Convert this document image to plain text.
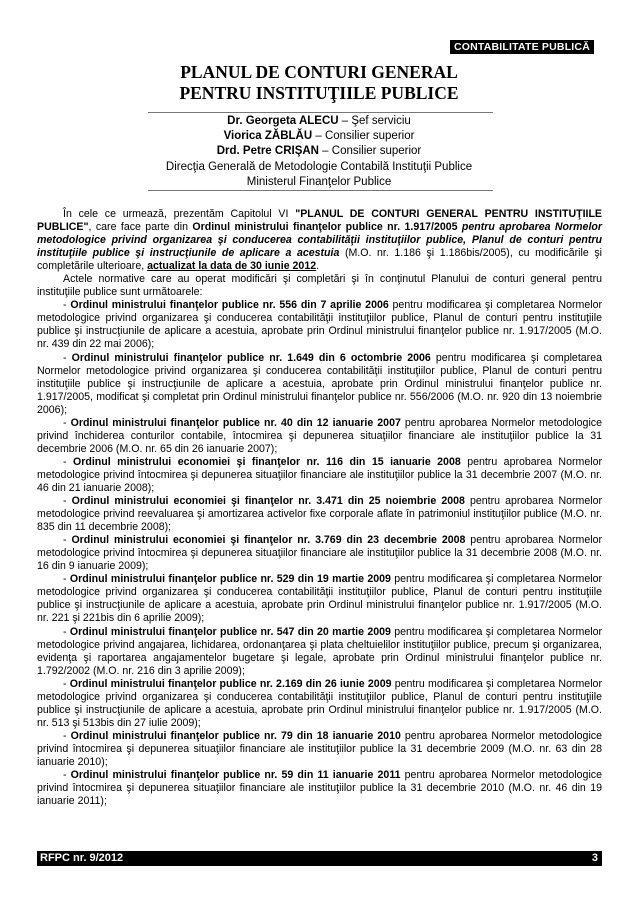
CONTABILITATE PUBLICĂ
PLANUL DE CONTURI GENERAL
PENTRU INSTITUŢIILE PUBLICE
Dr. Georgeta ALECU – Şef serviciu
Viorica ZĂBLĂU – Consilier superior
Drd. Petre CRIŞAN – Consilier superior
Direcţia Generală de Metodologie Contabilă Instituţii Publice
Ministerul Finanţelor Publice

În cele ce urmează, prezentăm Capitolul VI "PLANUL DE CONTURI GENERAL PENTRU INSTITUŢIILE PUBLICE", care face parte din Ordinul ministrului finanţelor publice nr. 1.917/2005 pentru aprobarea Normelor metodologice privind organizarea şi conducerea contabilităţii instituţiilor publice, Planul de conturi pentru instituţiile publice şi instrucţiunile de aplicare a acestuia (M.O. nr. 1.186 şi 1.186bis/2005), cu modificările şi completările ulterioare, actualizat la data de 30 iunie 2012.

Actele normative care au operat modificări şi completări şi în conţinutul Planului de conturi general pentru instituţiile publice sunt următoarele:

- Ordinul ministrului finanţelor publice nr. 556 din 7 aprilie 2006 pentru modificarea şi completarea Normelor metodologice privind organizarea şi conducerea contabilităţii instituţiilor publice, Planul de conturi pentru instituţiile publice şi instrucţiunile de aplicare a acestuia, aprobate prin Ordinul ministrului finanţelor publice nr. 1.917/2005 (M.O. nr. 439 din 22 mai 2006);

- Ordinul ministrului finanţelor publice nr. 1.649 din 6 octombrie 2006 pentru modificarea şi completarea Normelor metodologice privind organizarea şi conducerea contabilităţii instituţiilor publice, Planul de conturi pentru instituţiile publice şi instrucţiunile de aplicare a acestuia, aprobate prin Ordinul ministrului finanţelor publice nr. 1.917/2005, modificat şi completat prin Ordinul ministrului finanţelor publice nr. 556/2006 (M.O. nr. 920 din 13 noiembrie 2006);

- Ordinul ministrului finanţelor publice nr. 40 din 12 ianuarie 2007 pentru aprobarea Normelor metodologice privind închiderea conturilor contabile, întocmirea şi depunerea situaţiilor financiare ale instituţiilor publice la 31 decembrie 2006 (M.O. nr. 65 din 26 ianuarie 2007);

- Ordinul ministrului economiei şi finanţelor nr. 116 din 15 ianuarie 2008 pentru aprobarea Normelor metodologice privind întocmirea şi depunerea situaţiilor financiare ale instituţiilor publice la 31 decembrie 2007 (M.O. nr. 46 din 21 ianuarie 2008);

- Ordinul ministrului economiei şi finanţelor nr. 3.471 din 25 noiembrie 2008 pentru aprobarea Normelor metodologice privind reevaluarea şi amortizarea activelor fixe corporale aflate în patrimoniul instituţiilor publice (M.O. nr. 835 din 11 decembrie 2008);

- Ordinul ministrului economiei şi finanţelor nr. 3.769 din 23 decembrie 2008 pentru aprobarea Normelor metodologice privind întocmirea şi depunerea situaţiilor financiare ale instituţiilor publice la 31 decembrie 2008 (M.O. nr. 16 din 9 ianuarie 2009);

- Ordinul ministrului finanţelor publice nr. 529 din 19 martie 2009 pentru modificarea şi completarea Normelor metodologice privind organizarea şi conducerea contabilităţii instituţiilor publice, Planul de conturi pentru instituţiile publice şi instrucţiunile de aplicare a acestuia, aprobate prin Ordinul ministrului finanţelor publice nr. 1.917/2005 (M.O. nr. 221 şi 221bis din 6 aprilie 2009);

- Ordinul ministrului finanţelor publice nr. 547 din 20 martie 2009 pentru modificarea şi completarea Normelor metodologice privind angajarea, lichidarea, ordonanţarea şi plata cheltuielilor instituţiilor publice, precum şi organizarea, evidenţa şi raportarea angajamentelor bugetare şi legale, aprobate prin Ordinul ministrului finanţelor publice nr. 1.792/2002 (M.O. nr. 216 din 3 aprilie 2009);

- Ordinul ministrului finanţelor publice nr. 2.169 din 26 iunie 2009 pentru modificarea şi completarea Normelor metodologice privind organizarea şi conducerea contabilităţii instituţiilor publice, Planul de conturi pentru instituţiile publice şi instrucţiunile de aplicare a acestuia, aprobate prin Ordinul ministrului finanţelor publice nr. 1.917/2005 (M.O. nr. 513 şi 513bis din 27 iulie 2009);

- Ordinul ministrului finanţelor publice nr. 79 din 18 ianuarie 2010 pentru aprobarea Normelor metodologice privind întocmirea şi depunerea situaţiilor financiare ale instituţiilor publice la 31 decembrie 2009 (M.O. nr. 63 din 28 ianuarie 2010);

- Ordinul ministrului finanţelor publice nr. 59 din 11 ianuarie 2011 pentru aprobarea Normelor metodologice privind întocmirea şi depunerea situaţiilor financiare ale instituţiilor publice la 31 decembrie 2010 (M.O. nr. 46 din 19 ianuarie 2011);

RFPC nr. 9/2012	3
